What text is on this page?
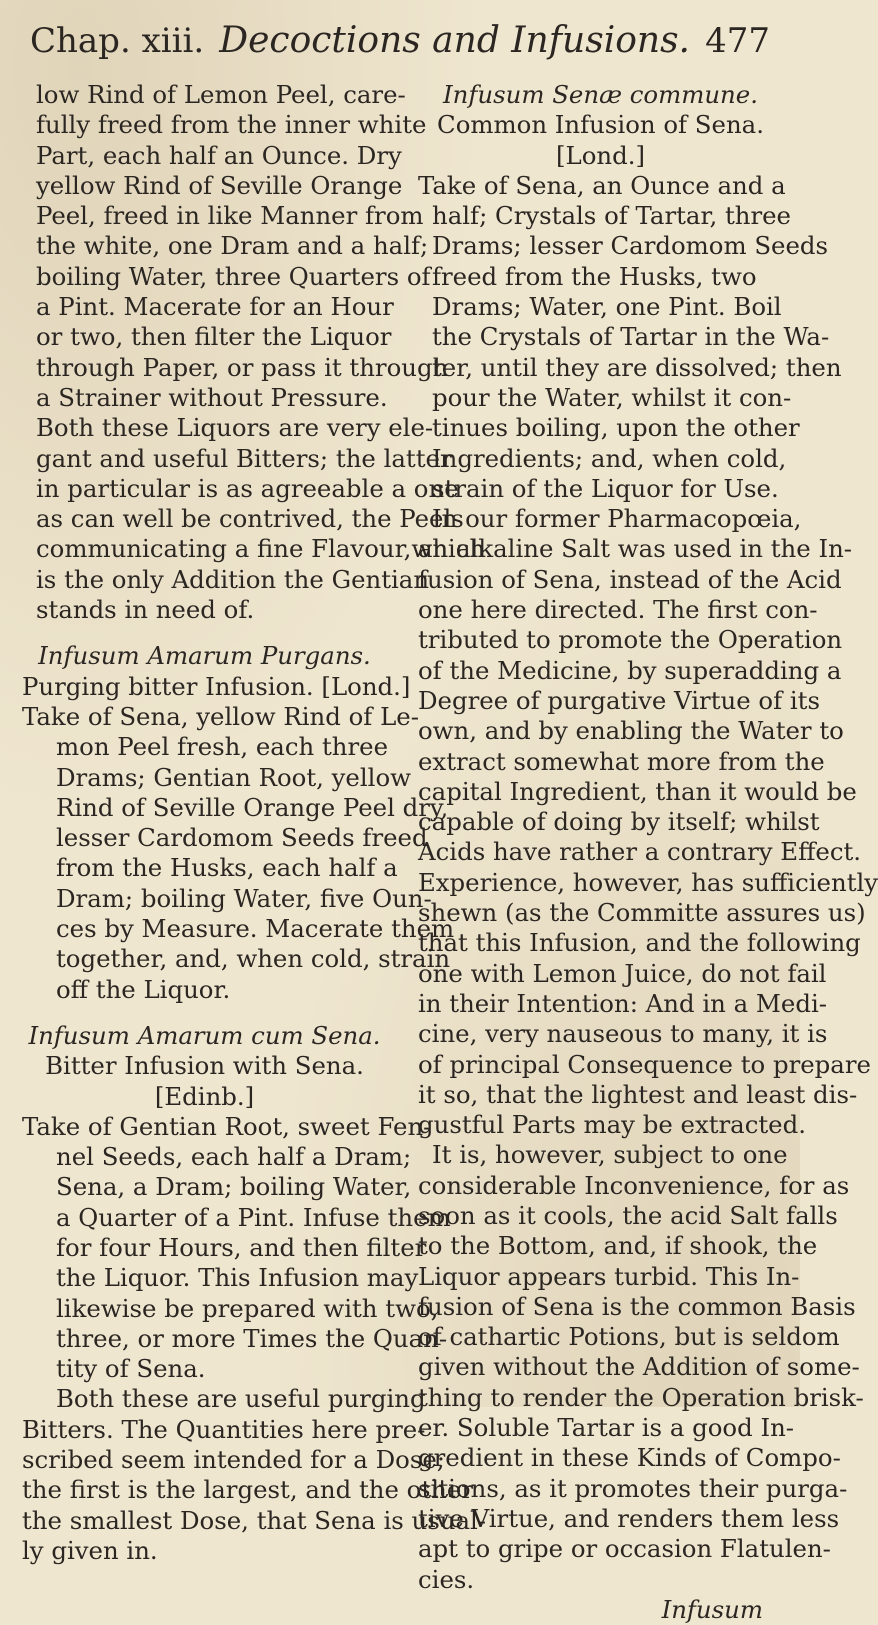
Chap. xiii. Decoctions and Infusions. 477
low Rind of Lemon Peel, care-
fully freed from the inner white
Part, each half an Ounce. Dry
yellow Rind of Seville Orange
Peel, freed in like Manner from
the white, one Dram and a half;
boiling Water, three Quarters of
a Pint. Macerate for an Hour
or two, then filter the Liquor
through Paper, or pass it through
a Strainer without Pressure.
Both these Liquors are very ele-
gant and useful Bitters; the latter
in particular is as agreeable a one
as can well be contrived, the Peels
communicating a fine Flavour,which
is the only Addition the Gentian
stands in need of.
Infusum Amarum Purgans.
Purging bitter Infusion. [Lond.]
Take of Sena, yellow Rind of Le-
mon Peel fresh, each three
Drams; Gentian Root, yellow
Rind of Seville Orange Peel dry,
lesser Cardomom Seeds freed
from the Husks, each half a
Dram; boiling Water, five Oun-
ces by Measure. Macerate them
together, and, when cold, strain
off the Liquor.
Infusum Amarum cum Sena.
Bitter Infusion with Sena.
[Edinb.]
Take of Gentian Root, sweet Fen-
nel Seeds, each half a Dram;
Sena, a Dram; boiling Water,
a Quarter of a Pint. Infuse them
for four Hours, and then filter
the Liquor. This Infusion may
likewise be prepared with two,
three, or more Times the Quan-
tity of Sena.
Both these are useful purging
Bitters. The Quantities here pre-
scribed seem intended for a Dose;
the first is the largest, and the other
the smallest Dose, that Sena is usual-
ly given in.
Infusum Senæ commune.
Common Infusion of Sena.
[Lond.]
Take of Sena, an Ounce and a
half; Crystals of Tartar, three
Drams; lesser Cardomom Seeds
freed from the Husks, two
Drams; Water, one Pint. Boil
the Crystals of Tartar in the Wa-
ter, until they are dissolved; then
pour the Water, whilst it con-
tinues boiling, upon the other
Ingredients; and, when cold,
strain of the Liquor for Use.
In our former Pharmacopœia,
an alkaline Salt was used in the In-
fusion of Sena, instead of the Acid
one here directed. The first con-
tributed to promote the Operation
of the Medicine, by superadding a
Degree of purgative Virtue of its
own, and by enabling the Water to
extract somewhat more from the
capital Ingredient, than it would be
capable of doing by itself; whilst
Acids have rather a contrary Effect.
Experience, however, has sufficiently
shewn (as the Committe assures us)
that this Infusion, and the following
one with Lemon Juice, do not fail
in their Intention: And in a Medi-
cine, very nauseous to many, it is
of principal Consequence to prepare
it so, that the lightest and least dis-
gustful Parts may be extracted.
It is, however, subject to one
considerable Inconvenience, for as
soon as it cools, the acid Salt falls
to the Bottom, and, if shook, the
Liquor appears turbid. This In-
fusion of Sena is the common Basis
of cathartic Potions, but is seldom
given without the Addition of some-
thing to render the Operation brisk-
er. Soluble Tartar is a good In-
gredient in these Kinds of Compo-
sitions, as it promotes their purga-
tive Virtue, and renders them less
apt to gripe or occasion Flatulen-
cies.
Infusum
